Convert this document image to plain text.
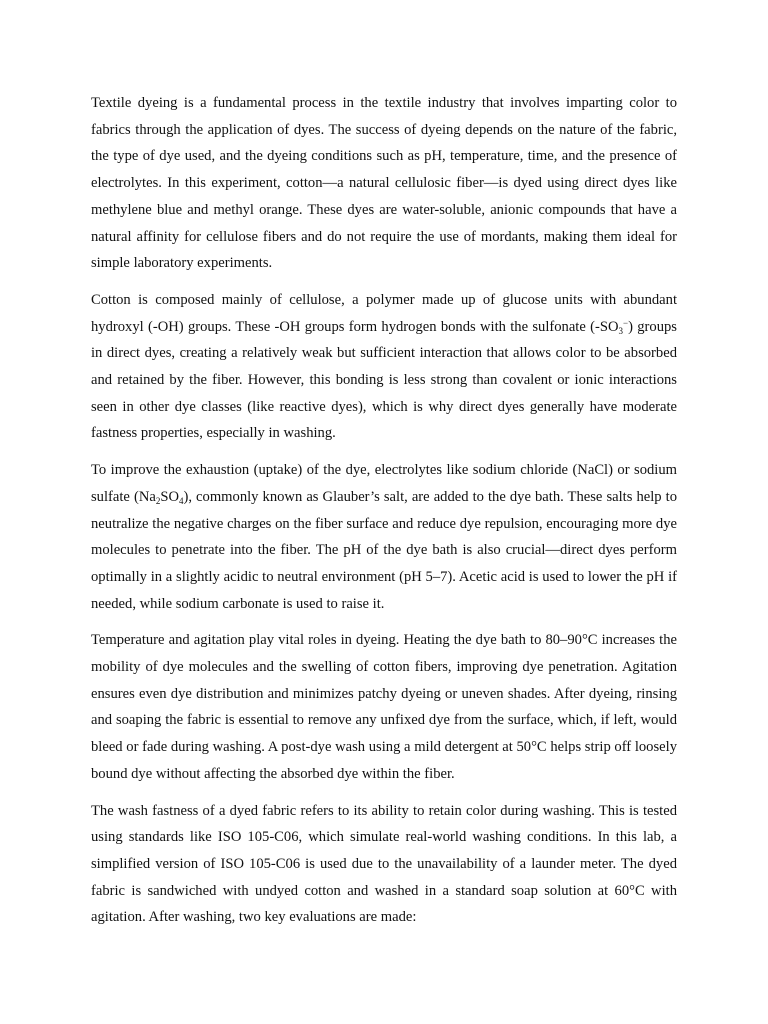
Textile dyeing is a fundamental process in the textile industry that involves imparting color to fabrics through the application of dyes. The success of dyeing depends on the nature of the fabric, the type of dye used, and the dyeing conditions such as pH, temperature, time, and the presence of electrolytes. In this experiment, cotton—a natural cellulosic fiber—is dyed using direct dyes like methylene blue and methyl orange. These dyes are water-soluble, anionic compounds that have a natural affinity for cellulose fibers and do not require the use of mordants, making them ideal for simple laboratory experiments.

Cotton is composed mainly of cellulose, a polymer made up of glucose units with abundant hydroxyl (-OH) groups. These -OH groups form hydrogen bonds with the sulfonate $(-SO_3^-)$ groups in direct dyes, creating a relatively weak but sufficient interaction that allows color to be absorbed and retained by the fiber. However, this bonding is less strong than covalent or ionic interactions seen in other dye classes (like reactive dyes), which is why direct dyes generally have moderate fastness properties, especially in washing.

To improve the exhaustion (uptake) of the dye, electrolytes like sodium chloride (NaCl) or sodium sulfate $(Na_2SO_4)$, commonly known as Glauber’s salt, are added to the dye bath. These salts help to neutralize the negative charges on the fiber surface and reduce dye repulsion, encouraging more dye molecules to penetrate into the fiber. The pH of the dye bath is also crucial—direct dyes perform optimally in a slightly acidic to neutral environment (pH 5–7). Acetic acid is used to lower the pH if needed, while sodium carbonate is used to raise it.

Temperature and agitation play vital roles in dyeing. Heating the dye bath to 80–90°C increases the mobility of dye molecules and the swelling of cotton fibers, improving dye penetration. Agitation ensures even dye distribution and minimizes patchy dyeing or uneven shades. After dyeing, rinsing and soaping the fabric is essential to remove any unfixed dye from the surface, which, if left, would bleed or fade during washing. A post-dye wash using a mild detergent at 50°C helps strip off loosely bound dye without affecting the absorbed dye within the fiber.

The wash fastness of a dyed fabric refers to its ability to retain color during washing. This is tested using standards like ISO 105-C06, which simulate real-world washing conditions. In this lab, a simplified version of ISO 105-C06 is used due to the unavailability of a launder meter. The dyed fabric is sandwiched with undyed cotton and washed in a standard soap solution at 60°C with agitation. After washing, two key evaluations are made:
